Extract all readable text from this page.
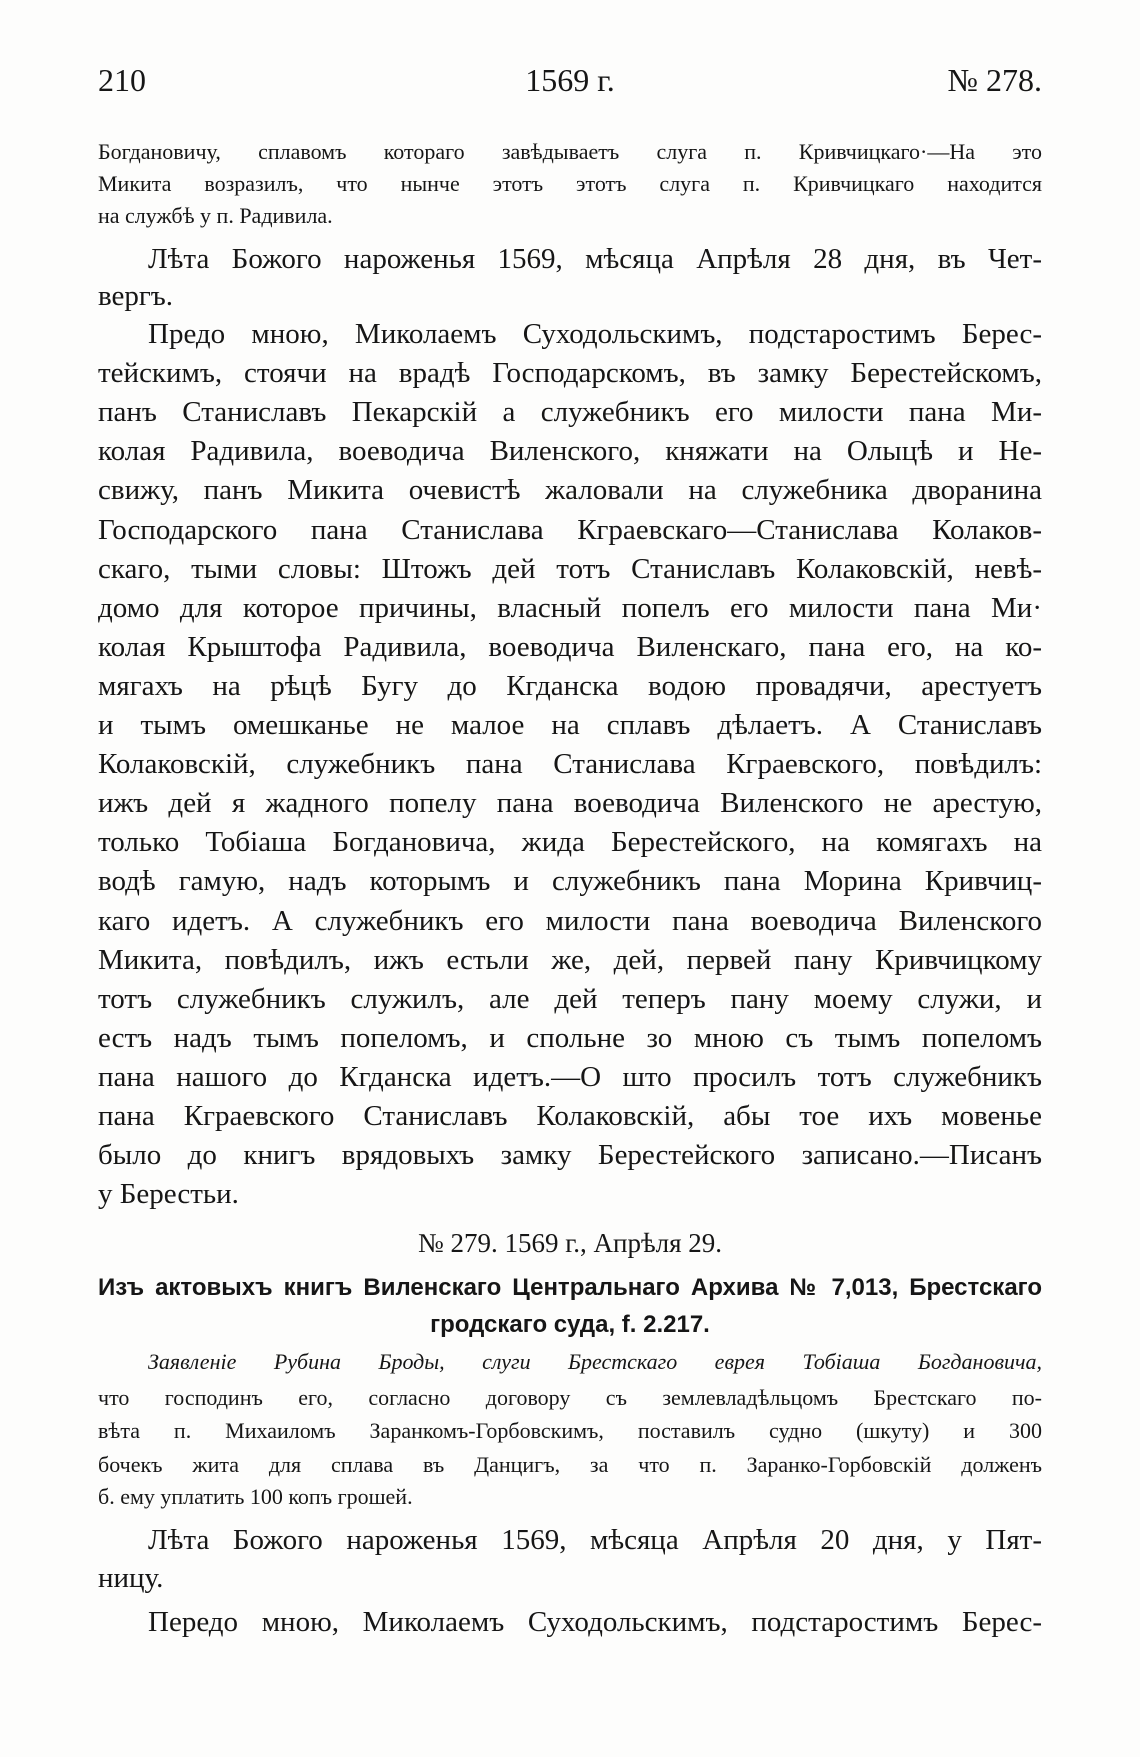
210	1569 г.	№ 278.
Богдановичу, сплавомъ котораго завѣдываетъ слуга п. Кривчицкаго·—На это
Микита возразилъ, что нынче этотъ этотъ слуга п. Кривчицкаго находится
на службѣ у п. Радивила.
Лѣта Божого нароженья 1569, мѣсяца Апрѣля 28 дня, въ Чет-
вергъ.
Предо мною, Миколаемъ Суходольскимъ, подстаростимъ Берес-
тейскимъ, стоячи на врадѣ Господарскомъ, въ замку Берестейскомъ,
панъ Станиславъ Пекарскій а служебникъ его милости пана Ми-
колая Радивила, воеводича Виленского, княжати на Олыцѣ и Не-
свижу, панъ Микита очевистѣ жаловали на служебника дворанина
Господарского пана Станислава Кграевскаго—Станислава Колаков-
скаго, тыми словы: Штожъ дей тотъ Станиславъ Колаковскій, невѣ-
домо для которое причины, власный попелъ его милости пана Ми·
колая Крыштофа Радивила, воеводича Виленскаго, пана его, на ко-
мягахъ на рѣцѣ Бугу до Кгданска водою провадячи, арестуетъ
и тымъ омешканье не малое на сплавъ дѣлаетъ. А Станиславъ
Колаковскій, служебникъ пана Станислава Кграевского, повѣдилъ:
ижъ дей я жадного попелу пана воеводича Виленского не арестую,
только Тобіаша Богдановича, жида Берестейского, на комягахъ на
водѣ гамую, надъ которымъ и служебникъ пана Морина Кривчиц-
каго идетъ. А служебникъ его милости пана воеводича Виленского
Микита, повѣдилъ, ижъ естьли же, дей, первей пану Кривчицкому
тотъ служебникъ служилъ, але дей теперъ пану моему служи, и
естъ надъ тымъ попеломъ, и спольне зо мною съ тымъ попеломъ
пана нашого до Кгданска идетъ.—О што просилъ тотъ служебникъ
пана Кграевского Станиславъ Колаковскій, абы тое ихъ мовенье
было до книгъ врядовыхъ замку Берестейского записано.—Писанъ
у Берестьи.
№ 279. 1569 г., Апрѣля 29.
Изъ актовыхъ книгъ Виленскаго Центральнаго Архива № 7,013, Брестскаго
гродскаго суда, f. 2.217.
Заявленіе Рубина Броды, слуги Брестскаго еврея Тобіаша Богдановича,
что господинъ его, согласно договору съ землевладѣльцомъ Брестскаго по-
вѣта п. Михаиломъ Заранкомъ-Горбовскимъ, поставилъ судно (шкуту) и 300
бочекъ жита для сплава въ Данцигъ, за что п. Заранко-Горбовскій долженъ
б. ему уплатить 100 копъ грошей.
Лѣта Божого нароженья 1569, мѣсяца Апрѣля 20 дня, у Пят-
ницу.
Передо мною, Миколаемъ Суходольскимъ, подстаростимъ Берес-
